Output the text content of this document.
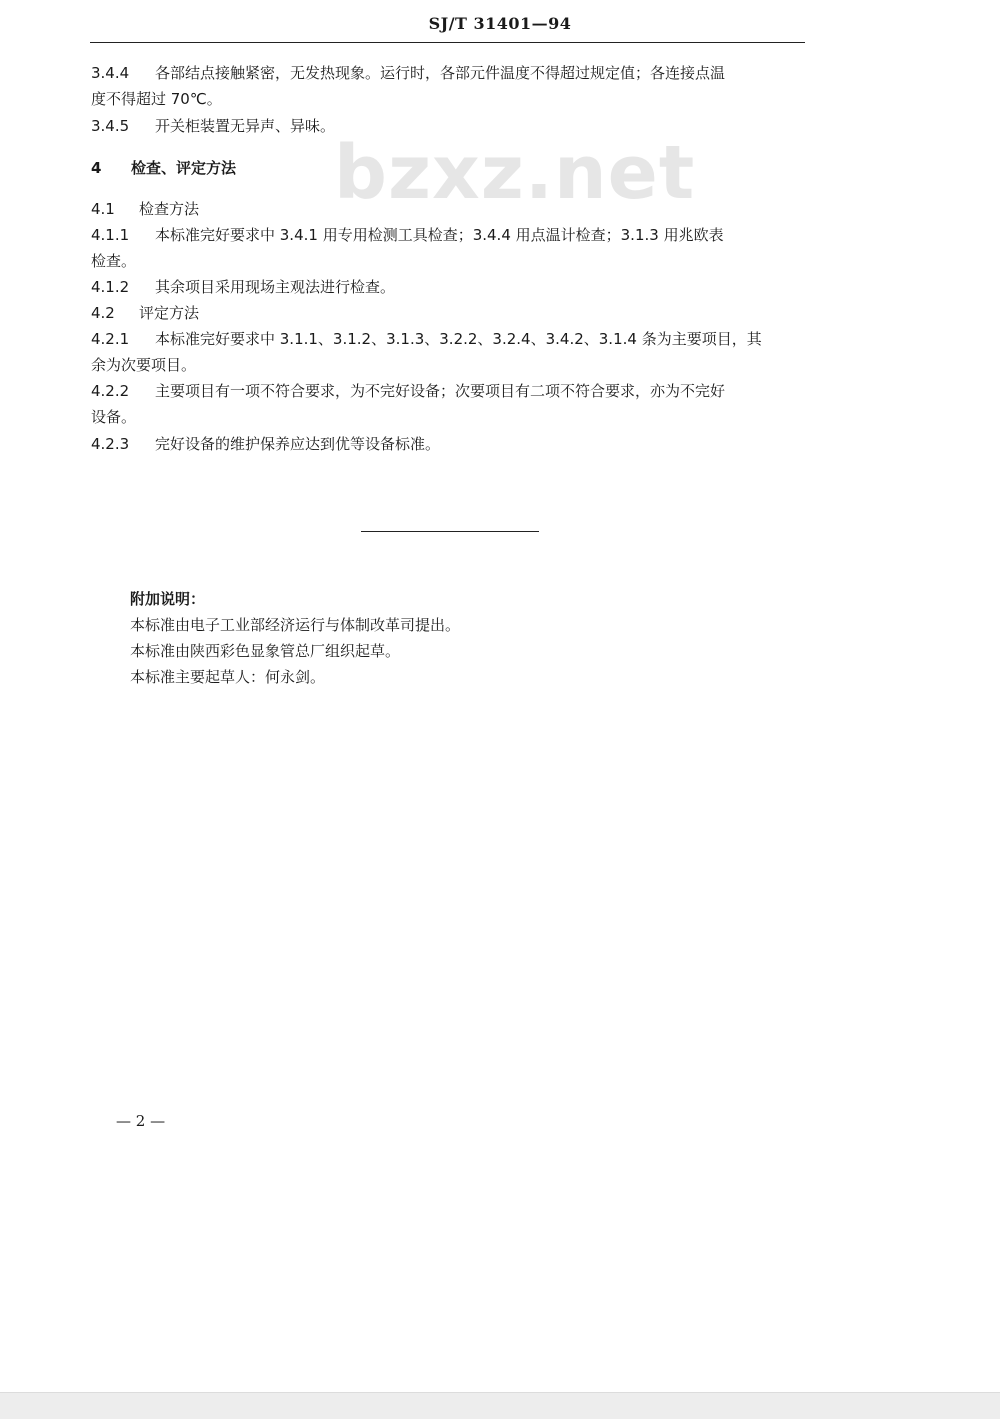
SJ/T 31401—94
bzxz.net
3.4.4 各部结点接触紧密，无发热现象。运行时，各部元件温度不得超过规定值；各连接点温
度不得超过 70℃。
3.4.5 开关柜装置无异声、异味。
4 检查、评定方法
4.1 检查方法
4.1.1 本标准完好要求中 3.4.1 用专用检测工具检查；3.4.4 用点温计检查；3.1.3 用兆欧表
检查。
4.1.2 其余项目采用现场主观法进行检查。
4.2 评定方法
4.2.1 本标准完好要求中 3.1.1、3.1.2、3.1.3、3.2.2、3.2.4、3.4.2、3.1.4 条为主要项目，其
余为次要项目。
4.2.2 主要项目有一项不符合要求，为不完好设备；次要项目有二项不符合要求，亦为不完好
设备。
4.2.3 完好设备的维护保养应达到优等设备标准。
附加说明：
本标准由电子工业部经济运行与体制改革司提出。
本标准由陕西彩色显象管总厂组织起草。
本标准主要起草人：何永剑。
— 2 —
